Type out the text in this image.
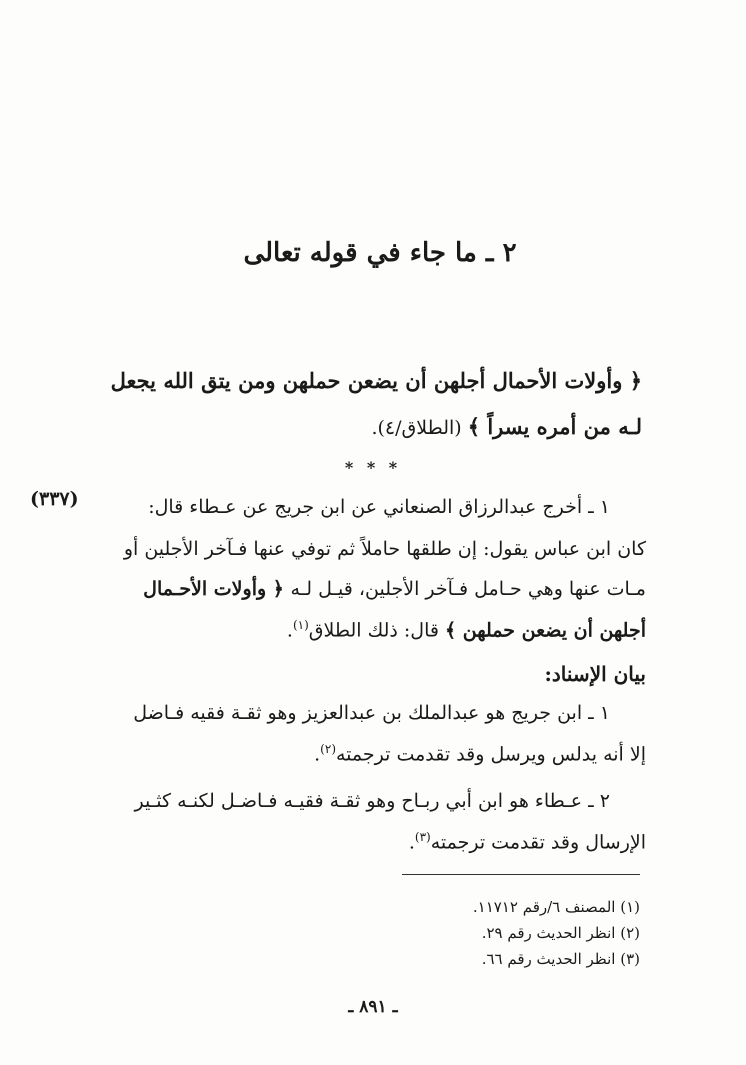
٢ ـ ما جاء في قوله تعالى
﴿ وأولات الأحمال أجلهن أن يضعن حملهن ومن يتق الله يجعل
لـه من أمره يسراً ﴾ (الطلاق/٤).
* * *
(٣٣٧)	١ ـ أخرج عبدالرزاق الصنعاني عن ابن جريج عن عـطاء قال:
كان ابن عباس يقول: إن طلقها حاملاً ثم توفي عنها فـآخر الأجلين أو
مـات عنها وهي حـامل فـآخر الأجلين، قيـل لـه ﴿ وأولات الأحـمال
أجلهن أن يضعن حملهن ﴾ قال: ذلك الطلاق$^{(١)}$.
بيان الإسناد:
١ ـ ابن جريج هو عبدالملك بن عبدالعزيز وهو ثقـة فقيه فـاضل
إلا أنه يدلس ويرسل وقد تقدمت ترجمته$^{(٢)}$.
٢ ـ عـطاء هو ابن أبي ربـاح وهو ثقـة فقيـه فـاضـل لكنـه كثـير
الإرسال وقد تقدمت ترجمته$^{(٣)}$.
(١) المصنف ٦/رقم ١١٧١٢.
(٢) انظر الحديث رقم ٢٩.
(٣) انظر الحديث رقم ٦٦.
ـ ٨٩١ ـ
